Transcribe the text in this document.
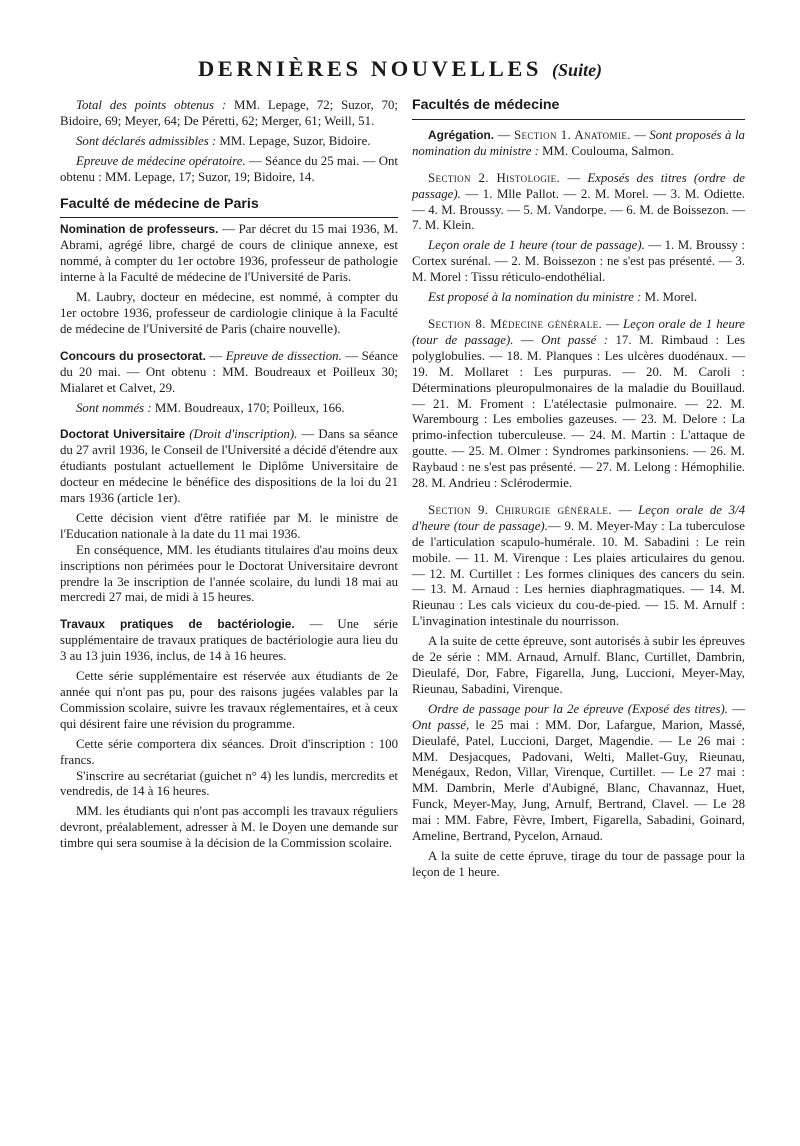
DERNIÈRES NOUVELLES (Suite)

Total des points obtenus : MM. Lepage, 72; Suzor, 70; Bidoire, 69; Meyer, 64; De Péretti, 62; Merger, 61; Weill, 51.

Sont déclarés admissibles : MM. Lepage, Suzor, Bidoire.

Epreuve de médecine opératoire. — Séance du 25 mai. — Ont obtenu : MM. Lepage, 17; Suzor, 19; Bidoire, 14.

Faculté de médecine de Paris

Nomination de professeurs. — Par décret du 15 mai 1936, M. Abrami, agrégé libre, chargé de cours de clinique annexe, est nommé, à compter du 1er octobre 1936, professeur de pathologie interne à la Faculté de médecine de l'Université de Paris.

M. Laubry, docteur en médecine, est nommé, à compter du 1er octobre 1936, professeur de cardiologie clinique à la Faculté de médecine de l'Université de Paris (chaire nouvelle).

Concours du prosectorat. — Epreuve de dissection. — Séance du 20 mai. — Ont obtenu : MM. Boudreaux et Poilleux 30; Mialaret et Calvet, 29.

Sont nommés : MM. Boudreaux, 170; Poilleux, 166.

Doctorat Universitaire (Droit d'inscription). — Dans sa séance du 27 avril 1936, le Conseil de l'Université a décidé d'étendre aux étudiants postulant actuellement le Diplôme Universitaire de docteur en médecine le bénéfice des dispositions de la loi du 21 mars 1936 (article 1er).

Cette décision vient d'être ratifiée par M. le ministre de l'Education nationale à la date du 11 mai 1936.

En conséquence, MM. les étudiants titulaires d'au moins deux inscriptions non périmées pour le Doctorat Universitaire devront prendre la 3e inscription de l'année scolaire, du lundi 18 mai au mercredi 27 mai, de midi à 15 heures.

Travaux pratiques de bactériologie. — Une série supplémentaire de travaux pratiques de bactériologie aura lieu du 3 au 13 juin 1936, inclus, de 14 à 16 heures.

Cette série supplémentaire est réservée aux étudiants de 2e année qui n'ont pas pu, pour des raisons jugées valables par la Commission scolaire, suivre les travaux réglementaires, et à ceux qui désirent faire une révision du programme.

Cette série comportera dix séances. Droit d'inscription : 100 francs.

S'inscrire au secrétariat (guichet n° 4) les lundis, mercredits et vendredis, de 14 à 16 heures.

MM. les étudiants qui n'ont pas accompli les travaux réguliers devront, préalablement, adresser à M. le Doyen une demande sur timbre qui sera soumise à la décision de la Commission scolaire.

Facultés de médecine

Agrégation. — Section 1. Anatomie. — Sont proposés à la nomination du ministre : MM. Coulouma, Salmon.

Section 2. Histologie. — Exposés des titres (ordre de passage). — 1. Mlle Pallot. — 2. M. Morel. — 3. M. Odiette. — 4. M. Broussy. — 5. M. Vandorpe. — 6. M. de Boissezon. — 7. M. Klein.

Leçon orale de 1 heure (tour de passage). — 1. M. Broussy : Cortex surénal. — 2. M. Boissezon : ne s'est pas présenté. — 3. M. Morel : Tissu réticulo-endothélial.

Est proposé à la nomination du ministre : M. Morel.

Section 8. Médecine générale. — Leçon orale de 1 heure (tour de passage). — Ont passé : 17. M. Rimbaud : Les polyglobulies. — 18. M. Planques : Les ulcères duodénaux. — 19. M. Mollaret : Les purpuras. — 20. M. Caroli : Déterminations pleuropulmonaires de la maladie du Bouillaud. — 21. M. Froment : L'atélectasie pulmonaire. — 22. M. Warembourg : Les embolies gazeuses. — 23. M. Delore : La primo-infection tuberculeuse. — 24. M. Martin : L'attaque de goutte. — 25. M. Olmer : Syndromes parkinsoniens. — 26. M. Raybaud : ne s'est pas présenté. — 27. M. Lelong : Hémophilie. 28. M. Andrieu : Sclérodermie.

Section 9. Chirurgie générale. — Leçon orale de 3/4 d'heure (tour de passage).— 9. M. Meyer-May : La tuberculose de l'articulation scapulo-humérale. 10. M. Sabadini : Le rein mobile. — 11. M. Virenque : Les plaies articulaires du genou. — 12. M. Curtillet : Les formes cliniques des cancers du sein. — 13. M. Arnaud : Les hernies diaphragmatiques. — 14. M. Rieunau : Les cals vicieux du cou-de-pied. — 15. M. Arnulf : L'invagination intestinale du nourrisson.

A la suite de cette épreuve, sont autorisés à subir les épreuves de 2e série : MM. Arnaud, Arnulf. Blanc, Curtillet, Dambrin, Dieulafé, Dor, Fabre, Figarella, Jung, Luccioni, Meyer-May, Rieunau, Sabadini, Virenque.

Ordre de passage pour la 2e épreuve (Exposé des titres). — Ont passé, le 25 mai : MM. Dor, Lafargue, Marion, Massé, Dieulafé, Patel, Luccioni, Darget, Magendie. — Le 26 mai : MM. Desjacques, Padovani, Welti, Mallet-Guy, Rieunau, Menégaux, Redon, Villar, Virenque, Curtillet. — Le 27 mai : MM. Dambrin, Merle d'Aubigné, Blanc, Chavannaz, Huet, Funck, Meyer-May, Jung, Arnulf, Bertrand, Clavel. — Le 28 mai : MM. Fabre, Fèvre, Imbert, Figarella, Sabadini, Goinard, Ameline, Bertrand, Pycelon, Arnaud.

A la suite de cette épruve, tirage du tour de passage pour la leçon de 1 heure.
